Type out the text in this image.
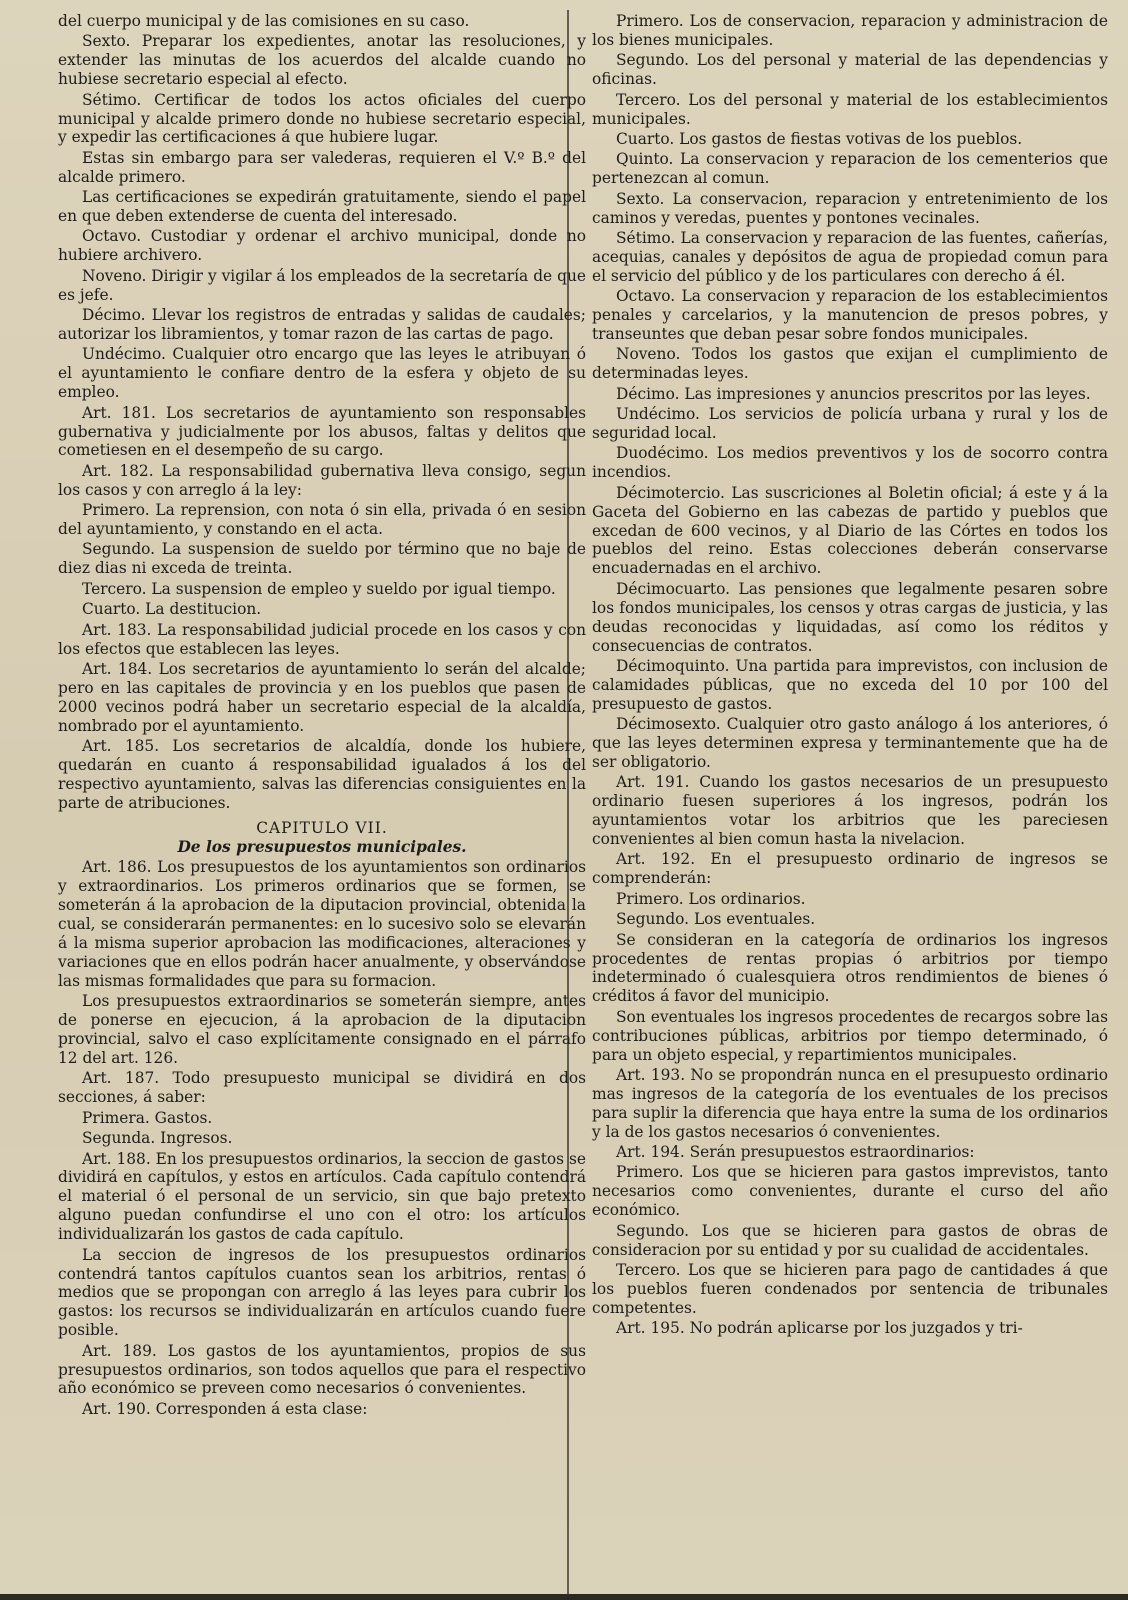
del cuerpo municipal y de las comisiones en su caso.

Sexto. Preparar los expedientes, anotar las resoluciones, y extender las minutas de los acuerdos del alcalde cuando no hubiese secretario especial al efecto.

Sétimo. Certificar de todos los actos oficiales del cuerpo municipal y alcalde primero donde no hubiese secretario especial, y expedir las certificaciones á que hubiere lugar.

Estas sin embargo para ser valederas, requieren el V.º B.º del alcalde primero.

Las certificaciones se expedirán gratuitamente, siendo el papel en que deben extenderse de cuenta del interesado.

Octavo. Custodiar y ordenar el archivo municipal, donde no hubiere archivero.

Noveno. Dirigir y vigilar á los empleados de la secretaría de que es jefe.

Décimo. Llevar los registros de entradas y salidas de caudales; autorizar los libramientos, y tomar razon de las cartas de pago.

Undécimo. Cualquier otro encargo que las leyes le atribuyan ó el ayuntamiento le confiare dentro de la esfera y objeto de su empleo.

Art. 181. Los secretarios de ayuntamiento son responsables gubernativa y judicialmente por los abusos, faltas y delitos que cometiesen en el desempeño de su cargo.

Art. 182. La responsabilidad gubernativa lleva consigo, segun los casos y con arreglo á la ley:

Primero. La reprension, con nota ó sin ella, privada ó en sesion del ayuntamiento, y constando en el acta.

Segundo. La suspension de sueldo por término que no baje de diez dias ni exceda de treinta.

Tercero. La suspension de empleo y sueldo por igual tiempo.

Cuarto. La destitucion.

Art. 183. La responsabilidad judicial procede en los casos y con los efectos que establecen las leyes.

Art. 184. Los secretarios de ayuntamiento lo serán del alcalde; pero en las capitales de provincia y en los pueblos que pasen de 2000 vecinos podrá haber un secretario especial de la alcaldía, nombrado por el ayuntamiento.

Art. 185. Los secretarios de alcaldía, donde los hubiere, quedarán en cuanto á responsabilidad igualados á los del respectivo ayuntamiento, salvas las diferencias consiguientes en la parte de atribuciones.

CAPITULO VII.
De los presupuestos municipales.

Art. 186. Los presupuestos de los ayuntamientos son ordinarios y extraordinarios. Los primeros ordinarios que se formen, se someterán á la aprobacion de la diputacion provincial, obtenida la cual, se considerarán permanentes: en lo sucesivo solo se elevarán á la misma superior aprobacion las modificaciones, alteraciones y variaciones que en ellos podrán hacer anualmente, y observándose las mismas formalidades que para su formacion.

Los presupuestos extraordinarios se someterán siempre, antes de ponerse en ejecucion, á la aprobacion de la diputacion provincial, salvo el caso explícitamente consignado en el párrafo 12 del art. 126.

Art. 187. Todo presupuesto municipal se dividirá en dos secciones, á saber:

Primera. Gastos.

Segunda. Ingresos.

Art. 188. En los presupuestos ordinarios, la seccion de gastos se dividirá en capítulos, y estos en artículos. Cada capítulo contendrá el material ó el personal de un servicio, sin que bajo pretexto alguno puedan confundirse el uno con el otro: los artículos individualizarán los gastos de cada capítulo.

La seccion de ingresos de los presupuestos ordinarios contendrá tantos capítulos cuantos sean los arbitrios, rentas ó medios que se propongan con arreglo á las leyes para cubrir los gastos: los recursos se individualizarán en artículos cuando fuere posible.

Art. 189. Los gastos de los ayuntamientos, propios de sus presupuestos ordinarios, son todos aquellos que para el respectivo año económico se preveen como necesarios ó convenientes.

Art. 190. Corresponden á esta clase:

Primero. Los de conservacion, reparacion y administracion de los bienes municipales.

Segundo. Los del personal y material de las dependencias y oficinas.

Tercero. Los del personal y material de los establecimientos municipales.

Cuarto. Los gastos de fiestas votivas de los pueblos.

Quinto. La conservacion y reparacion de los cementerios que pertenezcan al comun.

Sexto. La conservacion, reparacion y entretenimiento de los caminos y veredas, puentes y pontones vecinales.

Sétimo. La conservacion y reparacion de las fuentes, cañerías, acequias, canales y depósitos de agua de propiedad comun para el servicio del público y de los particulares con derecho á él.

Octavo. La conservacion y reparacion de los establecimientos penales y carcelarios, y la manutencion de presos pobres, y transeuntes que deban pesar sobre fondos municipales.

Noveno. Todos los gastos que exijan el cumplimiento de determinadas leyes.

Décimo. Las impresiones y anuncios prescritos por las leyes.

Undécimo. Los servicios de policía urbana y rural y los de seguridad local.

Duodécimo. Los medios preventivos y los de socorro contra incendios.

Décimotercio. Las suscriciones al Boletin oficial; á este y á la Gaceta del Gobierno en las cabezas de partido y pueblos que excedan de 600 vecinos, y al Diario de las Córtes en todos los pueblos del reino. Estas colecciones deberán conservarse encuadernadas en el archivo.

Décimocuarto. Las pensiones que legalmente pesaren sobre los fondos municipales, los censos y otras cargas de justicia, y las deudas reconocidas y liquidadas, así como los réditos y consecuencias de contratos.

Décimoquinto. Una partida para imprevistos, con inclusion de calamidades públicas, que no exceda del 10 por 100 del presupuesto de gastos.

Décimosexto. Cualquier otro gasto análogo á los anteriores, ó que las leyes determinen expresa y terminantemente que ha de ser obligatorio.

Art. 191. Cuando los gastos necesarios de un presupuesto ordinario fuesen superiores á los ingresos, podrán los ayuntamientos votar los arbitrios que les pareciesen convenientes al bien comun hasta la nivelacion.

Art. 192. En el presupuesto ordinario de ingresos se comprenderán:

Primero. Los ordinarios.

Segundo. Los eventuales.

Se consideran en la categoría de ordinarios los ingresos procedentes de rentas propias ó arbitrios por tiempo indeterminado ó cualesquiera otros rendimientos de bienes ó créditos á favor del municipio.

Son eventuales los ingresos procedentes de recargos sobre las contribuciones públicas, arbitrios por tiempo determinado, ó para un objeto especial, y repartimientos municipales.

Art. 193. No se propondrán nunca en el presupuesto ordinario mas ingresos de la categoría de los eventuales de los precisos para suplir la diferencia que haya entre la suma de los ordinarios y la de los gastos necesarios ó convenientes.

Art. 194. Serán presupuestos estraordinarios:

Primero. Los que se hicieren para gastos imprevistos, tanto necesarios como convenientes, durante el curso del año económico.

Segundo. Los que se hicieren para gastos de obras de consideracion por su entidad y por su cualidad de accidentales.

Tercero. Los que se hicieren para pago de cantidades á que los pueblos fueren condenados por sentencia de tribunales competentes.

Art. 195. No podrán aplicarse por los juzgados y tri-
